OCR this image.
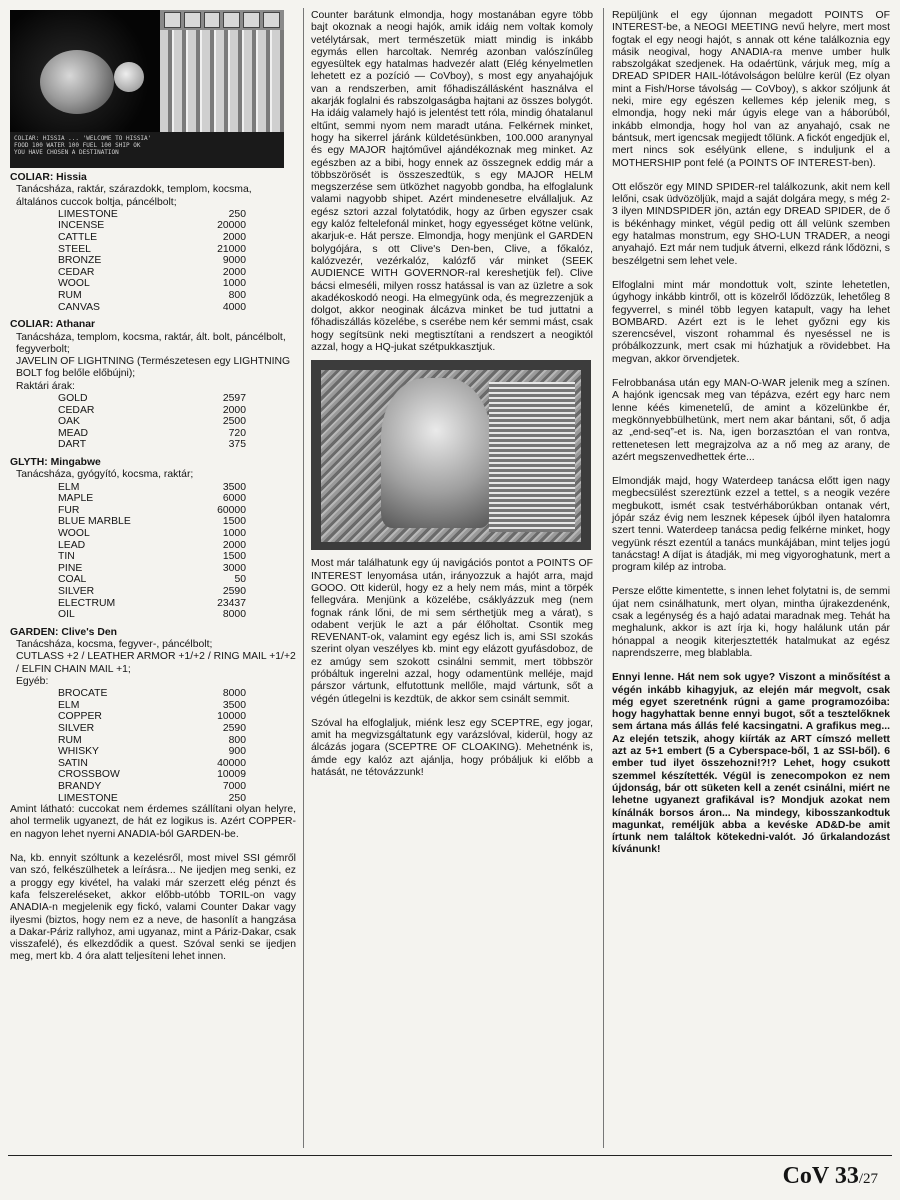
COLIAR: HISSIA ... 'WELCOME TO HISSIA'
FOOD 100 WATER 100 FUEL 100 SHIP OK
YOU HAVE CHOSEN A DESTINATION
COLIAR: Hissia
Tanácsháza, raktár, szárazdokk, templom, kocsma, általános cuccok boltja, páncélbolt;
LIMESTONE	250
INCENSE	20000
CATTLE	2000
STEEL	21000
BRONZE	9000
CEDAR	2000
WOOL	1000
RUM	800
CANVAS	4000
COLIAR: Athanar
Tanácsháza, templom, kocsma, raktár, ált. bolt, páncélbolt, fegyverbolt;
JAVELIN OF LIGHTNING (Természetesen egy LIGHTNING BOLT fog belőle előbújni);
Raktári árak:
GOLD	2597
CEDAR	2000
OAK	2500
MEAD	720
DART	375
GLYTH: Mingabwe
Tanácsháza, gyógyító, kocsma, raktár;
ELM	3500
MAPLE	6000
FUR	60000
BLUE MARBLE	1500
WOOL	1000
LEAD	2000
TIN	1500
PINE	3000
COAL	50
SILVER	2590
ELECTRUM	23437
OIL	8000
GARDEN: Clive's Den
Tanácsháza, kocsma, fegyver-, páncélbolt;
CUTLASS +2 / LEATHER ARMOR +1/+2 / RING MAIL +1/+2 / ELFIN CHAIN MAIL +1;
Egyéb:
BROCATE	8000
ELM	3500
COPPER	10000
SILVER	2590
RUM	800
WHISKY	900
SATIN	40000
CROSSBOW	10009
BRANDY	7000
LIMESTONE	250

Amint látható: cuccokat nem érdemes szállítani olyan helyre, ahol termelik ugyanezt, de hát ez logikus is. Azért COPPER-en nagyon lehet nyerni ANADIA-ból GARDEN-be.

Na, kb. ennyit szóltunk a kezelésről, most mivel SSI gémről van szó, felkészülhetek a leírásra... Ne ijedjen meg senki, ez a proggy egy kivétel, ha valaki már szerzett elég pénzt és kafa felszereléseket, akkor előbb-utóbb TORIL-on vagy ANADIA-n megjelenik egy fickó, valami Counter Dakar vagy ilyesmi (biztos, hogy nem ez a neve, de hasonlít a hangzása a Dakar-Páriz rallyhoz, ami ugyanaz, mint a Páriz-Dakar, csak visszafelé), és elkezdődik a quest. Szóval senki se ijedjen meg, mert kb. 4 óra alatt teljesíteni lehet innen.

Counter barátunk elmondja, hogy mostanában egyre több bajt okoznak a neogi hajók, amik idáig nem voltak komoly vetélytársak, mert természetük miatt mindig is inkább egymás ellen harcoltak. Nemrég azonban valószínűleg egyesültek egy hatalmas hadvezér alatt (Elég kényelmetlen lehetett ez a pozíció — CoVboy), s most egy anyahajójuk van a rendszerben, amit főhadiszállásként használva el akarják foglalni és rabszolgaságba hajtani az összes bolygót. Ha idáig valamely hajó is jelentést tett róla, mindig óhatalanul eltűnt, semmi nyom nem maradt utána. Felkérnek minket, hogy ha sikerrel járánk küldetésünkben, 100.000 aranynyal és egy MAJOR hajtóművel ajándékoznak meg minket. Az egészben az a bibi, hogy ennek az összegnek eddig már a többszörösét is összeszedtük, s egy MAJOR HELM megszerzése sem ütközhet nagyobb gondba, ha elfoglalunk valami nagyobb shipet. Azért mindenesetre elvállaljuk. Az egész sztori azzal folytatódik, hogy az űrben egyszer csak egy kalóz feltelefonál minket, hogy egyességet kötne velünk, akarjuk-e. Hát persze. Elmondja, hogy menjünk el GARDEN bolygójára, s ott Clive's Den-ben, Clive, a főkalóz, kalózvezér, vezérkalóz, kalózfő vár minket (SEEK AUDIENCE WITH GOVERNOR-ral kereshetjük fel). Clive bácsi elmeséli, milyen rossz hatással is van az üzletre a sok akadékoskodó neogi. Ha elmegyünk oda, és megrezzenjük a dolgot, akkor neoginak álcázva minket be tud juttatni a főhadiszállás közelébe, s cserébe nem kér semmi mást, csak hogy segítsünk neki megtisztítani a rendszert a neogiktól azzal, hogy a HQ-jukat szétpukkasztjuk.

Most már találhatunk egy új navigációs pontot a POINTS OF INTEREST lenyomása után, irányozzuk a hajót arra, majd GOOO. Ott kiderül, hogy ez a hely nem más, mint a törpék fellegvára. Menjünk a közelébe, csáklyázzuk meg (nem fognak ránk lőni, de mi sem sérthetjük meg a várat), s odabent verjük le azt a pár élőholtat. Csontik meg REVENANT-ok, valamint egy egész lich is, ami SSI szokás szerint olyan veszélyes kb. mint egy elázott gyufásdoboz, de ez amúgy sem szokott csinálni semmit, mert többször próbáltuk ingerelni azzal, hogy odamentünk melléje, majd párszor vártunk, elfutottunk mellőle, majd vártunk, sőt a végén útlegelni is kezdtük, de akkor sem csinált semmit.

Szóval ha elfoglaljuk, miénk lesz egy SCEPTRE, egy jogar, amit ha megvizsgáltatunk egy varázslóval, kiderül, hogy az álcázás jogara (SCEPTRE OF CLOAKING). Mehetnénk is, ámde egy kalóz azt ajánlja, hogy próbáljuk ki előbb a hatását, ne tétovázzunk!

Repüljünk el egy újonnan megadott POINTS OF INTEREST-be, a NEOGI MEETING nevű helyre, mert most fogtak el egy neogi hajót, s annak ott kéne találkoznia egy másik neogival, hogy ANADIA-ra menve umber hulk rabszolgákat szedjenek. Ha odaértünk, várjuk meg, míg a DREAD SPIDER HAIL-lótávolságon belülre kerül (Ez olyan mint a Fish/Horse távolság — CoVboy), s akkor szóljunk át neki, mire egy egészen kellemes kép jelenik meg, s elmondja, hogy neki már úgyis elege van a háborúból, inkább elmondja, hogy hol van az anyahajó, csak ne bántsuk, mert igencsak megijedt tőlünk. A fickót engedjük el, mert nincs sok esélyünk ellene, s induljunk el a MOTHERSHIP pont felé (a POINTS OF INTEREST-ben).

Ott először egy MIND SPIDER-rel találkozunk, akit nem kell lelőni, csak üdvözöljük, majd a saját dolgára megy, s még 2-3 ilyen MINDSPIDER jön, aztán egy DREAD SPIDER, de ő is békénhagy minket, végül pedig ott áll velünk szemben egy hatalmas monstrum, egy SHO-LUN TRADER, a neogi anyahajó. Ezt már nem tudjuk átverni, elkezd ránk lődözni, s beszélgetni sem lehet vele.

Elfoglalni mint már mondottuk volt, szinte lehetetlen, úgyhogy inkább kintről, ott is közelről lődözzük, lehetőleg 8 fegyverrel, s minél több legyen katapult, vagy ha lehet BOMBARD. Azért ezt is le lehet győzni egy kis szerencsével, viszont rohammal és nyeséssel ne is próbálkozzunk, mert csak mi húzhatjuk a rövidebbet. Ha megvan, akkor örvendjetek.

Felrobbanása után egy MAN-O-WAR jelenik meg a színen. A hajónk igencsak meg van tépázva, ezért egy harc nem lenne kéés kimenetelű, de amint a közelünkbe ér, megkönnyebbülhetünk, mert nem akar bántani, sőt, ő adja az „end-seq”-et is. Na, igen borzasztóan el van rontva, rettenetesen lett megrajzolva az a nő meg az arany, de azért megszenvedhettek érte...

Elmondják majd, hogy Waterdeep tanácsa előtt igen nagy megbecsülést szereztünk ezzel a tettel, s a neogik vezére megbukott, ismét csak testvérháborúkban ontanak vért, jópár száz évig nem lesznek képesek újból ilyen hatalomra szert tenni. Waterdeep tanácsa pedig felkérne minket, hogy vegyünk részt ezentúl a tanács munkájában, mint teljes jogú tanácstag! A díjat is átadják, mi meg vigyoroghatunk, mert a program kilép az introba.

Persze előtte kimentette, s innen lehet folytatni is, de semmi újat nem csinálhatunk, mert olyan, mintha újrakezdenénk, csak a legénység és a hajó adatai maradnak meg. Tehát ha meghalunk, akkor is azt írja ki, hogy halálunk után pár hónappal a neogik kiterjesztették hatalmukat az egész naprendszerre, meg blablabla.

Ennyi lenne. Hát nem sok ugye? Viszont a minősítést a végén inkább kihagyjuk, az elején már megvolt, csak még egyet szeretnénk rúgni a game programozóiba: hogy hagyhattak benne ennyi bugot, sőt a tesztelőknek sem ártana más állás felé kacsingatni. A grafikus meg... Az elején tetszik, ahogy kiírták az ART címszó mellett azt az 5+1 embert (5 a Cyberspace-ből, 1 az SSI-ből). 6 ember tud ilyet összehozni!?!? Lehet, hogy csukott szemmel készítették. Végül is zenecompokon ez nem újdonság, bár ott süketen kell a zenét csinálni, miért ne lehetne ugyanezt grafikával is? Mondjuk azokat nem kínálnák borsos áron... Na mindegy, kibosszankodtuk magunkat, reméljük abba a kevéske AD&D-be amit írtunk nem találtok kötekedni-valót. Jó űrkalandozást kívánunk!

CoV 33/27
